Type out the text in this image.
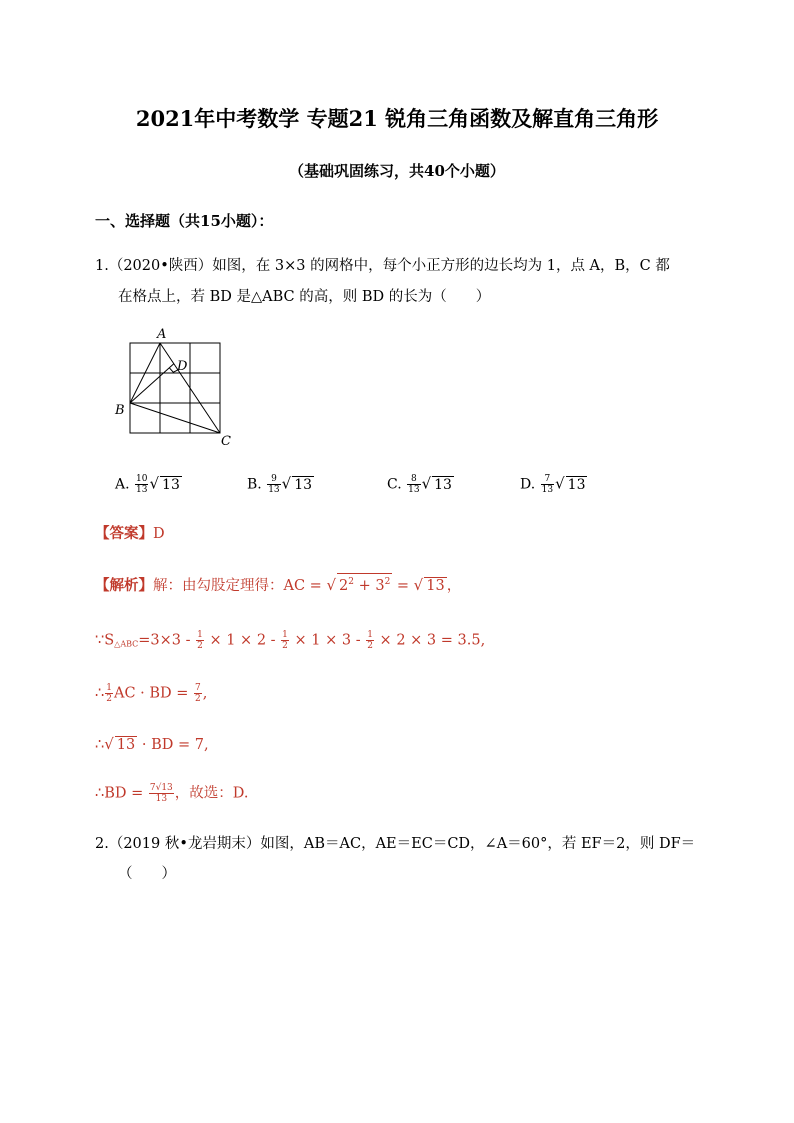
2021年中考数学 专题21 锐角三角函数及解直角三角形
（基础巩固练习，共40个小题）
一、选择题（共15小题）：
1.（2020•陕西）如图，在 3×3 的网格中，每个小正方形的边长均为 1，点 A，B，C 都
在格点上，若 BD 是△ABC 的高，则 BD 的长为（　　）
A
D
B
C
A. $\frac{10}{13}$ √ 13	B. $\frac{9}{13}$ √ 13	C. $\frac{8}{13}$ √ 13	D. $\frac{7}{13}$ √ 13
【答案】D
【解析】解：由勾股定理得：AC = √ $2^2 + 3^2$ = √ 13 ，
∵S△ABC=3×3 - $\frac{1}{2} \times 1 \times 2 - \frac{1}{2} \times 1 \times 3 - \frac{1}{2} \times 2 \times 3 = 3.5$,
∴ $\frac{1}{2}$ AC · BD = $\frac{7}{2}$ ,
∴√ 13 · BD = 7,
∴BD = $\frac{7√13}{13}$ ，故选：D.
2.（2019 秋•龙岩期末）如图，AB＝AC，AE＝EC＝CD，∠A＝60°，若 EF＝2，则 DF＝
（　　）
